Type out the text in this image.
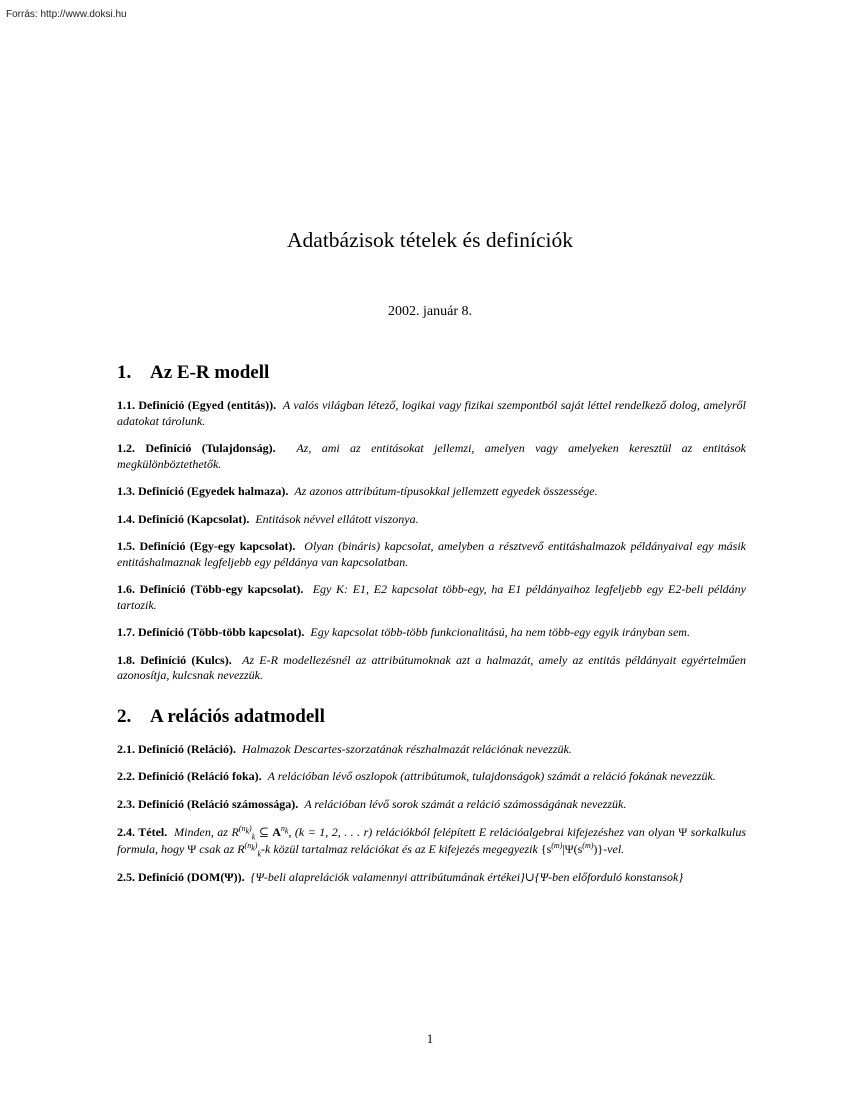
Forrás: http://www.doksi.hu
Adatbázisok tételek és definíciók
2002. január 8.
1. Az E-R modell

1.1. Definíció (Egyed (entitás)). A valós világban létező, logikai vagy fizikai szempontból saját léttel rendelkező dolog, amelyről adatokat tárolunk.

1.2. Definíció (Tulajdonság). Az, ami az entitásokat jellemzi, amelyen vagy amelyeken keresztül az entitások megkülönböztethetők.

1.3. Definíció (Egyedek halmaza). Az azonos attribútum-típusokkal jellemzett egyedek összessége.

1.4. Definíció (Kapcsolat). Entitások névvel ellátott viszonya.

1.5. Definíció (Egy-egy kapcsolat). Olyan (bináris) kapcsolat, amelyben a résztvevő entitáshalmazok példányaival egy másik entitáshalmaznak legfeljebb egy példánya van kapcsolatban.

1.6. Definíció (Több-egy kapcsolat). Egy K: E1, E2 kapcsolat több-egy, ha E1 példányaihoz legfeljebb egy E2-beli példány tartozik.

1.7. Definíció (Több-több kapcsolat). Egy kapcsolat több-több funkcionalitású, ha nem több-egy egyik irányban sem.

1.8. Definíció (Kulcs). Az E-R modellezésnél az attribútumoknak azt a halmazát, amely az entitás példányait egyértelműen azonosítja, kulcsnak nevezzük.

2. A relációs adatmodell

2.1. Definíció (Reláció). Halmazok Descartes-szorzatának részhalmazát relációnak nevezzük.

2.2. Definíció (Reláció foka). A relációban lévő oszlopok (attribútumok, tulajdonságok) számát a reláció fokának nevezzük.

2.3. Definíció (Reláció számossága). A relációban lévő sorok számát a reláció számosságának nevezzük.

2.4. Tétel. Minden, az $R^{(n_k)}_k$ ⊆ $A^{n_k}$, (k = 1, 2, . . . r) relációkból felépített E relációalgebrai kifejezéshez van olyan Ψ sorkalkulus formula, hogy Ψ csak az $R^{(n_k)}_k-k$ közül tartalmaz relációkat és az E kifejezés megegyezik $\{s^{(m)}|\Psi(s^{(m)})\}$-vel.

2.5. Definíció (DOM(Ψ)). {Ψ-beli alaprelációk valamennyi attribútumának értékei}∪{Ψ-ben előforduló konstansok}

1
